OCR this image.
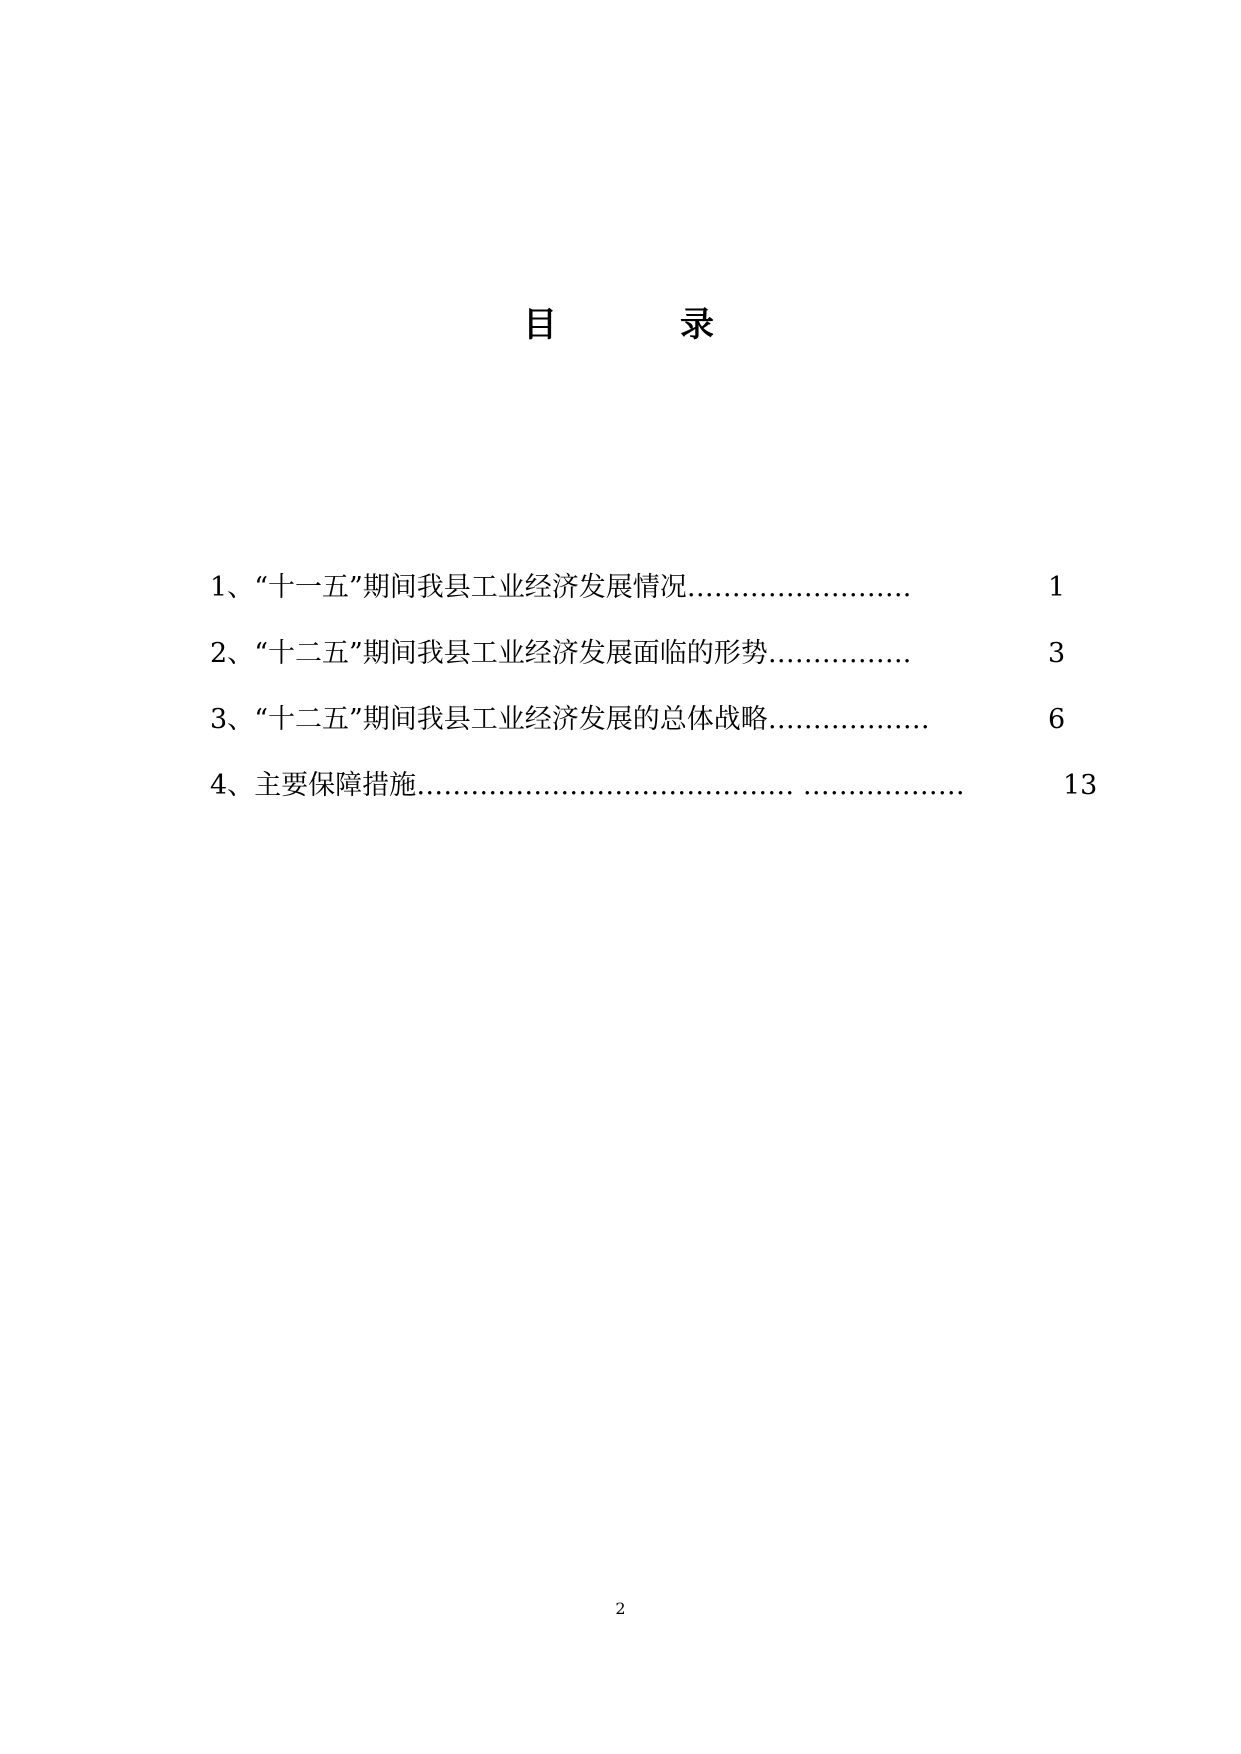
目	录
1、“十一五”期间我县工业经济发展情况…………………….	1
2、“十二五”期间我县工业经济发展面临的形势…………….	3
3、“十二五”期间我县工业经济发展的总体战略………………	6
4、主要保障措施…………………………………… ………………	13
2
